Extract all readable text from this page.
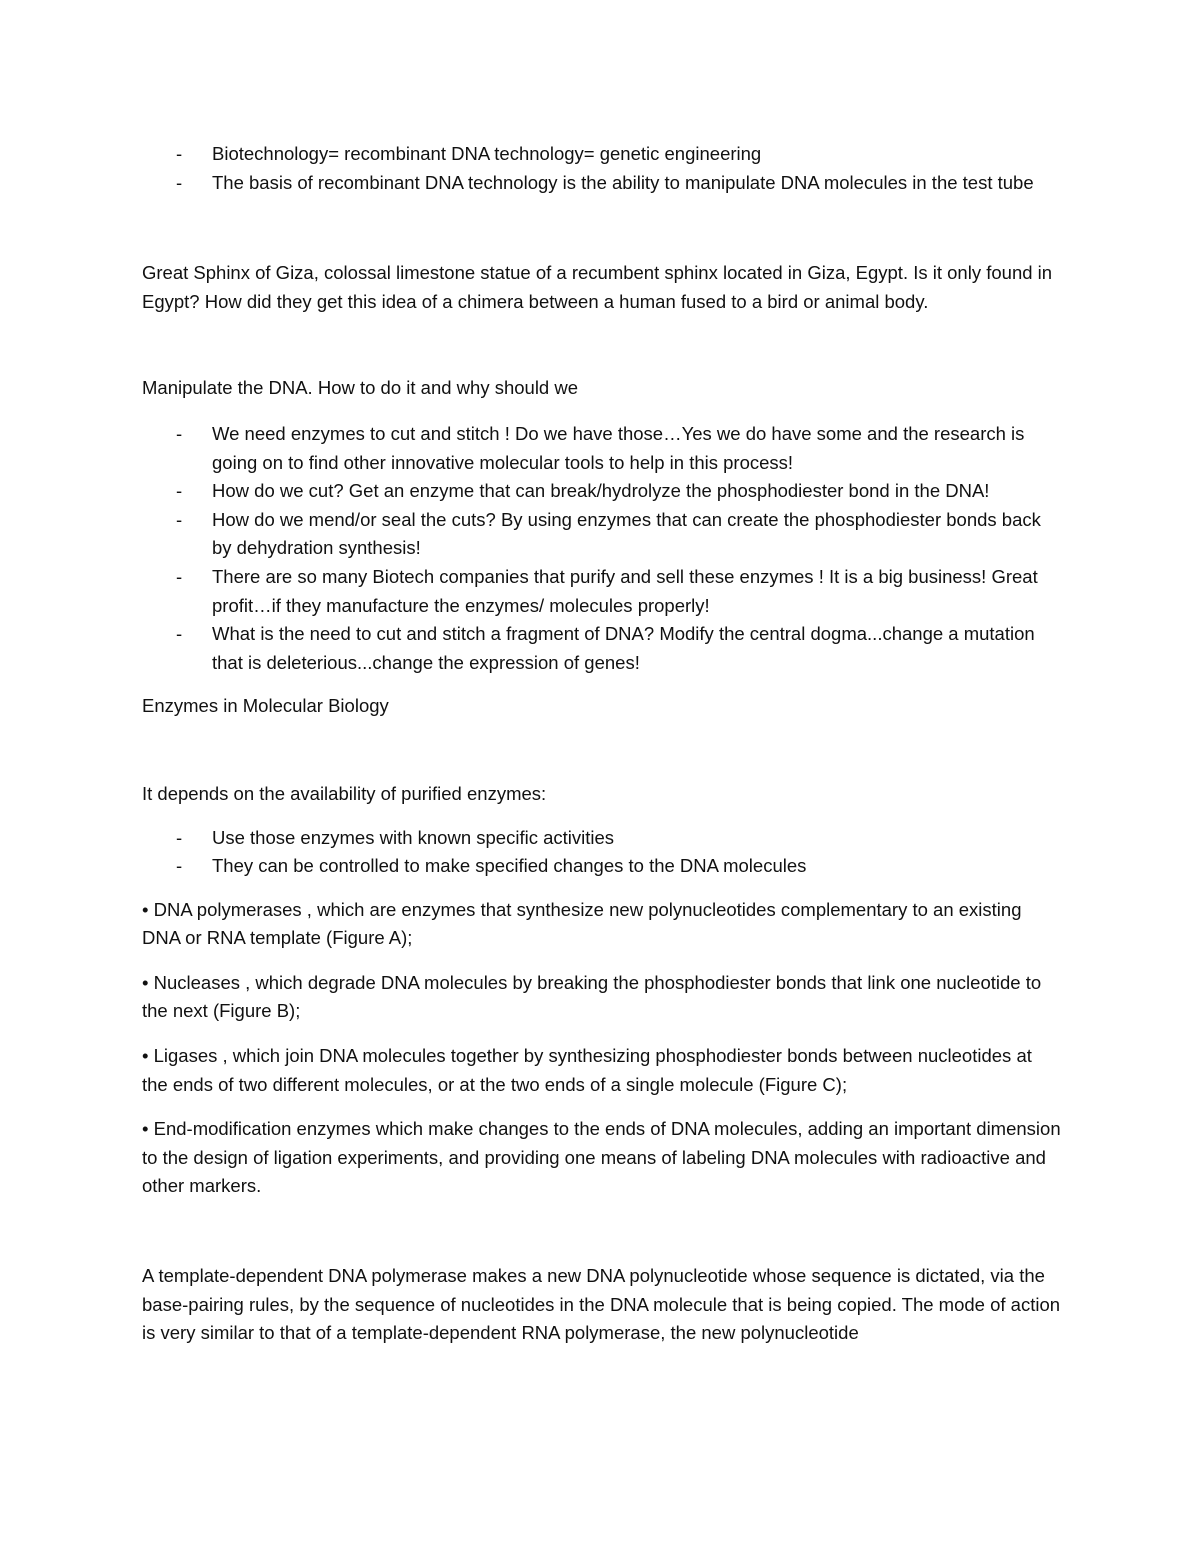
- Biotechnology= recombinant DNA technology= genetic engineering
- The basis of recombinant DNA technology is the ability to manipulate DNA molecules in the test tube

Great Sphinx of Giza, colossal limestone statue of a recumbent sphinx located in Giza, Egypt. Is it only found in Egypt? How did they get this idea of a chimera between a human fused to a bird or animal body.

Manipulate the DNA. How to do it and why should we

- We need enzymes to cut and stitch ! Do we have those…Yes we do have some and the research is going on to find other innovative molecular tools to help in this process!
- How do we cut? Get an enzyme that can break/hydrolyze the phosphodiester bond in the DNA!
- How do we mend/or seal the cuts? By using enzymes that can create the phosphodiester bonds back by dehydration synthesis!
- There are so many Biotech companies that purify and sell these enzymes ! It is a big business! Great profit…if they manufacture the enzymes/ molecules properly!
- What is the need to cut and stitch a fragment of DNA? Modify the central dogma...change a mutation that is deleterious...change the expression of genes!

Enzymes in Molecular Biology

It depends on the availability of purified enzymes:

- Use those enzymes with known specific activities
- They can be controlled to make specified changes to the DNA molecules

• DNA polymerases , which are enzymes that synthesize new polynucleotides complementary to an existing DNA or RNA template (Figure A);

• Nucleases , which degrade DNA molecules by breaking the phosphodiester bonds that link one nucleotide to the next (Figure B);

• Ligases , which join DNA molecules together by synthesizing phosphodiester bonds between nucleotides at the ends of two different molecules, or at the two ends of a single molecule (Figure C);

• End-modification enzymes which make changes to the ends of DNA molecules, adding an important dimension to the design of ligation experiments, and providing one means of labeling DNA molecules with radioactive and other markers.

A template-dependent DNA polymerase makes a new DNA polynucleotide whose sequence is dictated, via the base-pairing rules, by the sequence of nucleotides in the DNA molecule that is being copied. The mode of action is very similar to that of a template-dependent RNA polymerase, the new polynucleotide
